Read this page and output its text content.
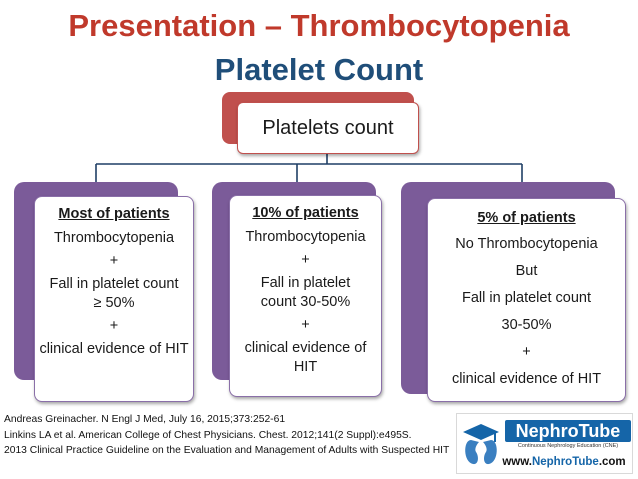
Presentation – Thrombocytopenia
Platelet Count
Platelets count
Most of patients

Thrombocytopenia

+

Fall in platelet count ≥ 50%

+

clinical evidence of HIT

10% of patients

Thrombocytopenia

+

Fall in platelet count 30-50%

+

clinical evidence of HIT

5% of patients

No Thrombocytopenia

But

Fall in platelet count

30-50%

+

clinical evidence of HIT

Andreas Greinacher. N Engl J Med, July 16, 2015;373:252-61
Linkins LA et al. American College of Chest Physicians. Chest. 2012;141(2 Suppl):e495S.
2013 Clinical Practice Guideline on the Evaluation and Management of Adults with Suspected HIT
NephroTube
Continuous Nephrology Education (CNE)
www.NephroTube.com
